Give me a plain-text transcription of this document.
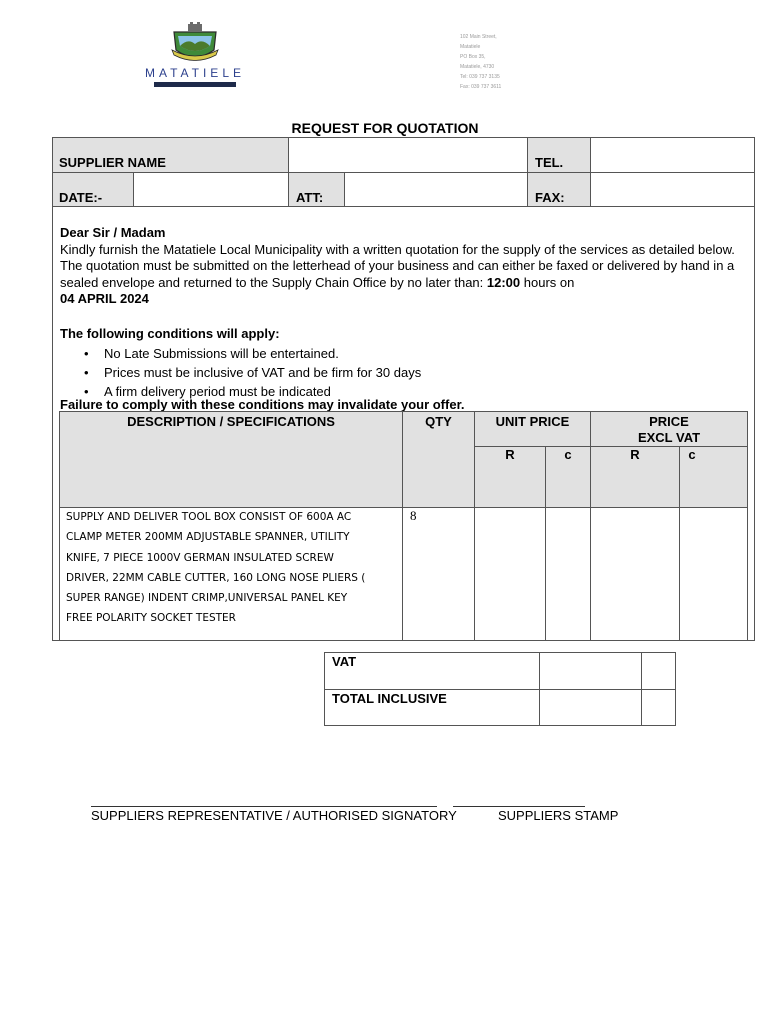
MATATIELE
102 Main Street,
Matatiele
PO Box 35,
Matatiele, 4730
Tel: 039 737 3135
Fax: 039 737 3611
REQUEST FOR QUOTATION
SUPPLIER NAME	TEL.
DATE:-	ATT:	FAX:
Dear Sir / Madam
Kindly furnish the Matatiele Local Municipality with a written quotation for the supply of the services as detailed below. The quotation must be submitted on the letterhead of your business and can either be faxed or delivered by hand in a sealed envelope and returned to the Supply Chain Office by no later than: 12:00 hours on
04 APRIL 2024
The following conditions will apply:
• No Late Submissions will be entertained.
• Prices must be inclusive of VAT and be firm for 30 days
• A firm delivery period must be indicated
Failure to comply with these conditions may invalidate your offer.
DESCRIPTION / SPECIFICATIONS	QTY	UNIT PRICE	PRICE
EXCL VAT
R	c	R	c
SUPPLY AND DELIVER TOOL BOX CONSIST OF 600A AC
CLAMP METER 200MM ADJUSTABLE SPANNER, UTILITY
KNIFE, 7 PIECE 1000V GERMAN INSULATED SCREW
DRIVER, 22MM CABLE CUTTER, 160 LONG NOSE PLIERS (
SUPER RANGE) INDENT CRIMP,UNIVERSAL PANEL KEY
FREE POLARITY SOCKET TESTER
8
VAT
TOTAL INCLUSIVE
SUPPLIERS REPRESENTATIVE / AUTHORISED SIGNATORY	SUPPLIERS STAMP
